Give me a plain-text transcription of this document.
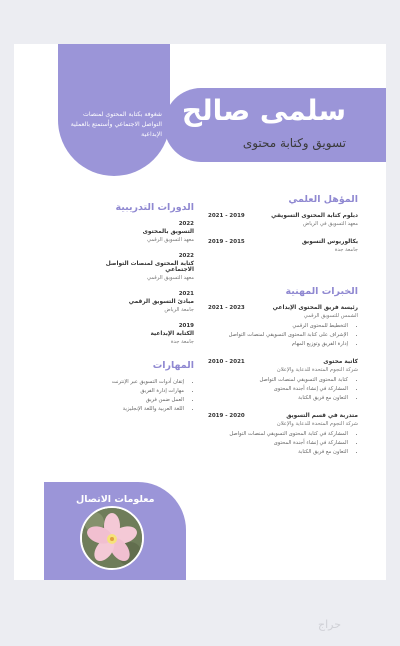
شغوفة بكتابة المحتوى لمنصات التواصل الاجتماعي وأستمتع بالعملية الإبداعية
سلمى صالح
تسويق وكتابة محتوى
المؤهل العلمي
دبلوم كتابة المحتوى التسويقي
2021 - 2019
معهد التسويق في الرياض
بكالوريوس التسويق
2019 - 2015
جامعة جدة
الخبرات المهنية
رئيسة فريق المحتوى الإبداعي
2021 - 2023
الشمس للتسويق الرقمي
• التخطيط للمحتوى الرقمي
• الإشراف على كتابة المحتوى التسويقي لمنصات التواصل
• إدارة الفريق وتوزيع المهام
كاتبة محتوى
2010 - 2021
شركة النجوم المتحدة للدعاية والإعلان
• كتابة المحتوى التسويقي لمنصات التواصل
• المشاركة في إنشاء أجندة المحتوى
• التعاون مع فريق الكتابة
متدربة في قسم التسويق
2019 - 2020
شركة النجوم المتحدة للدعاية والإعلان
• المشاركة في كتابة المحتوى التسويقي لمنصات التواصل
• المشاركة في إنشاء أجندة المحتوى
• التعاون مع فريق الكتابة
الدورات التدريبية
2022
التسويق بالمحتوى
معهد التسويق الرقمي
2022
كتابة المحتوى لمنصات التواصل الاجتماعي
معهد التسويق الرقمي
2021
مبادئ التسويق الرقمي
جامعة الرياض
2019
الكتابة الإبداعية
جامعة جدة
المهارات
• إتقان أدوات التسويق عبر الإنترنت
• مهارات إدارة الفريق
• العمل ضمن فريق
• اللغة العربية واللغة الإنجليزية
معلومات الاتصال
حراج
